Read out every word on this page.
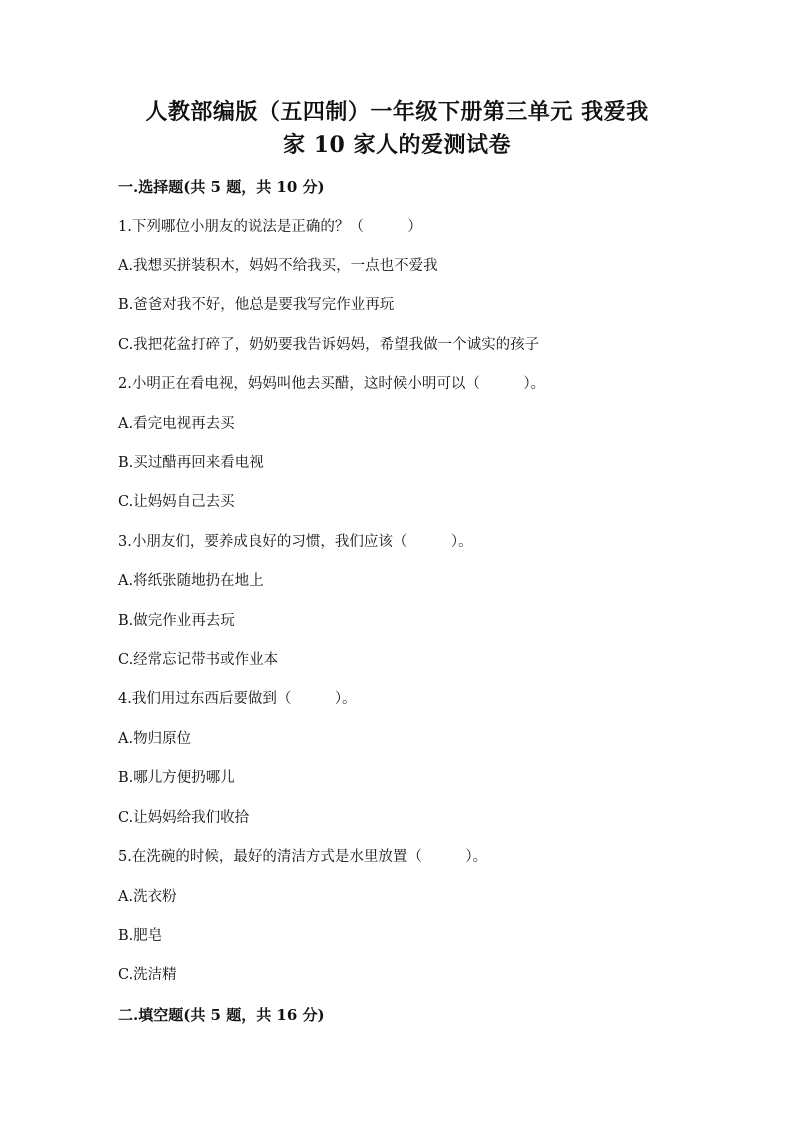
人教部编版（五四制）一年级下册第三单元 我爱我
家 10 家人的爱测试卷
一.选择题(共 5 题，共 10 分)
1.下列哪位小朋友的说法是正确的？（　　　）
A.我想买拼装积木，妈妈不给我买，一点也不爱我
B.爸爸对我不好，他总是要我写完作业再玩
C.我把花盆打碎了，奶奶要我告诉妈妈，希望我做一个诚实的孩子
2.小明正在看电视，妈妈叫他去买醋，这时候小明可以（　　　）。
A.看完电视再去买
B.买过醋再回来看电视
C.让妈妈自己去买
3.小朋友们，要养成良好的习惯，我们应该（　　　）。
A.将纸张随地扔在地上
B.做完作业再去玩
C.经常忘记带书或作业本
4.我们用过东西后要做到（　　　）。
A.物归原位
B.哪儿方便扔哪儿
C.让妈妈给我们收拾
5.在洗碗的时候，最好的清洁方式是水里放置（　　　）。
A.洗衣粉
B.肥皂
C.洗洁精
二.填空题(共 5 题，共 16 分)
